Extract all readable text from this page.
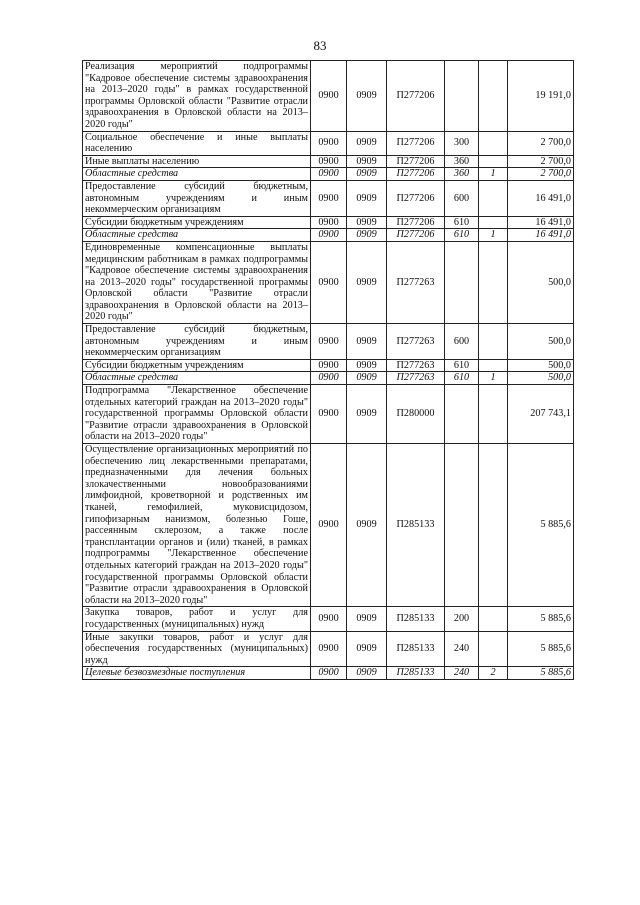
83
Реализация мероприятий подпрограммы "Кадровое обеспечение системы здравоохранения на 2013–2020 годы" в рамках государственной программы Орловской области "Развитие отрасли здравоохранения в Орловской области на 2013–2020 годы"	0900	0909	П277206			19 191,0
Социальное обеспечение и иные выплаты населению	0900	0909	П277206	300		2 700,0
Иные выплаты населению	0900	0909	П277206	360		2 700,0
Областные средства	0900	0909	П277206	360	1	2 700,0
Предоставление субсидий бюджетным, автономным учреждениям и иным некоммерческим организациям	0900	0909	П277206	600		16 491,0
Субсидии бюджетным учреждениям	0900	0909	П277206	610		16 491,0
Областные средства	0900	0909	П277206	610	1	16 491,0
Единовременные компенсационные выплаты медицинским работникам в рамках подпрограммы "Кадровое обеспечение системы здравоохранения на 2013–2020 годы" государственной программы Орловской области "Развитие отрасли здравоохранения в Орловской области на 2013–2020 годы"	0900	0909	П277263			500,0
Предоставление субсидий бюджетным, автономным учреждениям и иным некоммерческим организациям	0900	0909	П277263	600		500,0
Субсидии бюджетным учреждениям	0900	0909	П277263	610		500,0
Областные средства	0900	0909	П277263	610	1	500,0
Подпрограмма "Лекарственное обеспечение отдельных категорий граждан на 2013–2020 годы" государственной программы Орловской области "Развитие отрасли здравоохранения в Орловской области на 2013–2020 годы"	0900	0909	П280000			207 743,1
Осуществление организационных мероприятий по обеспечению лиц лекарственными препаратами, предназначенными для лечения больных злокачественными новообразованиями лимфоидной, кроветворной и родственных им тканей, гемофилией, муковисцидозом, гипофизарным нанизмом, болезнью Гоше, рассеянным склерозом, а также после трансплантации органов и (или) тканей, в рамках подпрограммы "Лекарственное обеспечение отдельных категорий граждан на 2013–2020 годы" государственной программы Орловской области "Развитие отрасли здравоохранения в Орловской области на 2013–2020 годы"	0900	0909	П285133			5 885,6
Закупка товаров, работ и услуг для государственных (муниципальных) нужд	0900	0909	П285133	200		5 885,6
Иные закупки товаров, работ и услуг для обеспечения государственных (муниципальных) нужд	0900	0909	П285133	240		5 885,6
Целевые безвозмездные поступления	0900	0909	П285133	240	2	5 885,6
